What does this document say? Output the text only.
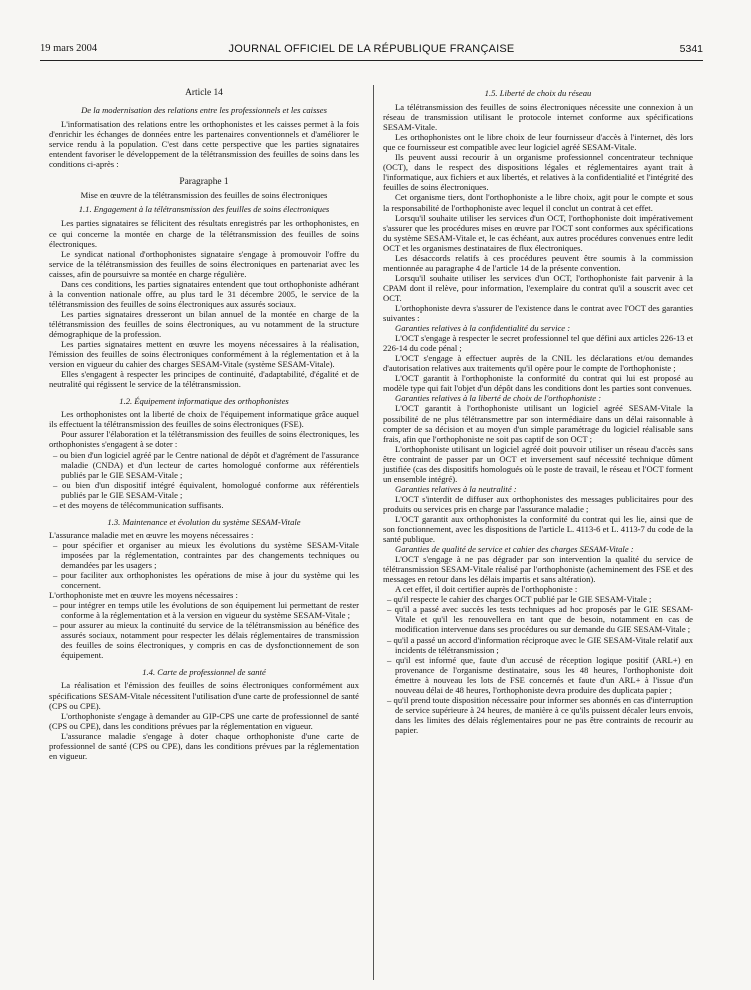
19 mars 2004	JOURNAL OFFICIEL DE LA RÉPUBLIQUE FRANÇAISE	5341

Article 14

De la modernisation des relations entre les professionnels et les caisses

L'informatisation des relations entre les orthophonistes et les caisses permet à la fois d'enrichir les échanges de données entre les partenaires conventionnels et d'améliorer le service rendu à la population. C'est dans cette perspective que les parties signataires entendent favoriser le développement de la télétransmission des feuilles de soins dans les conditions ci-après :

Paragraphe 1

Mise en œuvre de la télétransmission des feuilles de soins électroniques

1.1. Engagement à la télétransmission des feuilles de soins électroniques

Les parties signataires se félicitent des résultats enregistrés par les orthophonistes, en ce qui concerne la montée en charge de la télétransmission des feuilles de soins électroniques.

Le syndicat national d'orthophonistes signataire s'engage à promouvoir l'offre du service de la télétransmission des feuilles de soins électroniques en partenariat avec les caisses, afin de poursuivre sa montée en charge régulière.

Dans ces conditions, les parties signataires entendent que tout orthophoniste adhérant à la convention nationale offre, au plus tard le 31 décembre 2005, le service de la télétransmission des feuilles de soins électroniques aux assurés sociaux.

Les parties signataires dresseront un bilan annuel de la montée en charge de la télétransmission des feuilles de soins électroniques, au vu notamment de la structure démographique de la profession.

Les parties signataires mettent en œuvre les moyens nécessaires à la réalisation, l'émission des feuilles de soins électroniques conformément à la réglementation et à la version en vigueur du cahier des charges SESAM-Vitale (système SESAM-Vitale).

Elles s'engagent à respecter les principes de continuité, d'adaptabilité, d'égalité et de neutralité qui régissent le service de la télétransmission.

1.2. Équipement informatique des orthophonistes

Les orthophonistes ont la liberté de choix de l'équipement informatique grâce auquel ils effectuent la télétransmission des feuilles de soins électroniques (FSE).

Pour assurer l'élaboration et la télétransmission des feuilles de soins électroniques, les orthophonistes s'engagent à se doter :

– ou bien d'un logiciel agréé par le Centre national de dépôt et d'agrément de l'assurance maladie (CNDA) et d'un lecteur de cartes homologué conforme aux référentiels publiés par le GIE SESAM-Vitale ;
– ou bien d'un dispositif intégré équivalent, homologué conforme aux référentiels publiés par le GIE SESAM-Vitale ;
– et des moyens de télécommunication suffisants.

1.3. Maintenance et évolution du système SESAM-Vitale

L'assurance maladie met en œuvre les moyens nécessaires :

– pour spécifier et organiser au mieux les évolutions du système SESAM-Vitale imposées par la réglementation, contraintes par des changements techniques ou demandées par les usagers ;
– pour faciliter aux orthophonistes les opérations de mise à jour du système qui les concernent.

L'orthophoniste met en œuvre les moyens nécessaires :

– pour intégrer en temps utile les évolutions de son équipement lui permettant de rester conforme à la réglementation et à la version en vigueur du système SESAM-Vitale ;
– pour assurer au mieux la continuité du service de la télétransmission au bénéfice des assurés sociaux, notamment pour respecter les délais réglementaires de transmission des feuilles de soins électroniques, y compris en cas de dysfonctionnement de son équipement.

1.4. Carte de professionnel de santé

La réalisation et l'émission des feuilles de soins électroniques conformément aux spécifications SESAM-Vitale nécessitent l'utilisation d'une carte de professionnel de santé (CPS ou CPE).

L'orthophoniste s'engage à demander au GIP-CPS une carte de professionnel de santé (CPS ou CPE), dans les conditions prévues par la réglementation en vigueur.

L'assurance maladie s'engage à doter chaque orthophoniste d'une carte de professionnel de santé (CPS ou CPE), dans les conditions prévues par la réglementation en vigueur.

1.5. Liberté de choix du réseau

La télétransmission des feuilles de soins électroniques nécessite une connexion à un réseau de transmission utilisant le protocole internet conforme aux spécifications SESAM-Vitale.

Les orthophonistes ont le libre choix de leur fournisseur d'accès à l'internet, dès lors que ce fournisseur est compatible avec leur logiciel agréé SESAM-Vitale.

Ils peuvent aussi recourir à un organisme professionnel concentrateur technique (OCT), dans le respect des dispositions légales et réglementaires ayant trait à l'informatique, aux fichiers et aux libertés, et relatives à la confidentialité et l'intégrité des feuilles de soins électroniques.

Cet organisme tiers, dont l'orthophoniste a le libre choix, agit pour le compte et sous la responsabilité de l'orthophoniste avec lequel il conclut un contrat à cet effet.

Lorsqu'il souhaite utiliser les services d'un OCT, l'orthophoniste doit impérativement s'assurer que les procédures mises en œuvre par l'OCT sont conformes aux spécifications du système SESAM-Vitale et, le cas échéant, aux autres procédures convenues entre ledit OCT et les organismes destinataires de flux électroniques.

Les désaccords relatifs à ces procédures peuvent être soumis à la commission mentionnée au paragraphe 4 de l'article 14 de la présente convention.

Lorsqu'il souhaite utiliser les services d'un OCT, l'orthophoniste fait parvenir à la CPAM dont il relève, pour information, l'exemplaire du contrat qu'il a souscrit avec cet OCT.

L'orthophoniste devra s'assurer de l'existence dans le contrat avec l'OCT des garanties suivantes :

Garanties relatives à la confidentialité du service :

L'OCT s'engage à respecter le secret professionnel tel que défini aux articles 226-13 et 226-14 du code pénal ;

L'OCT s'engage à effectuer auprès de la CNIL les déclarations et/ou demandes d'autorisation relatives aux traitements qu'il opère pour le compte de l'orthophoniste ;

L'OCT garantit à l'orthophoniste la conformité du contrat qui lui est proposé au modèle type qui fait l'objet d'un dépôt dans les conditions dont les parties sont convenues.

Garanties relatives à la liberté de choix de l'orthophoniste :

L'OCT garantit à l'orthophoniste utilisant un logiciel agréé SESAM-Vitale la possibilité de ne plus télétransmettre par son intermédiaire dans un délai raisonnable à compter de sa décision et au moyen d'un simple paramétrage du logiciel réalisable sans frais, afin que l'orthophoniste ne soit pas captif de son OCT ;

L'orthophoniste utilisant un logiciel agréé doit pouvoir utiliser un réseau d'accès sans être contraint de passer par un OCT et inversement sauf nécessité technique dûment justifiée (cas des dispositifs homologués où le poste de travail, le réseau et l'OCT forment un ensemble intégré).

Garanties relatives à la neutralité :

L'OCT s'interdit de diffuser aux orthophonistes des messages publicitaires pour des produits ou services pris en charge par l'assurance maladie ;

L'OCT garantit aux orthophonistes la conformité du contrat qui les lie, ainsi que de son fonctionnement, avec les dispositions de l'article L. 4113-6 et L. 4113-7 du code de la santé publique.

Garanties de qualité de service et cahier des charges SESAM-Vitale :

L'OCT s'engage à ne pas dégrader par son intervention la qualité du service de télétransmission SESAM-Vitale réalisé par l'orthophoniste (acheminement des FSE et des messages en retour dans les délais impartis et sans altération).

A cet effet, il doit certifier auprès de l'orthophoniste :

– qu'il respecte le cahier des charges OCT publié par le GIE SESAM-Vitale ;
– qu'il a passé avec succès les tests techniques ad hoc proposés par le GIE SESAM-Vitale et qu'il les renouvellera en tant que de besoin, notamment en cas de modification intervenue dans ses procédures ou sur demande du GIE SESAM-Vitale ;
– qu'il a passé un accord d'information réciproque avec le GIE SESAM-Vitale relatif aux incidents de télétransmission ;
– qu'il est informé que, faute d'un accusé de réception logique positif (ARL+) en provenance de l'organisme destinataire, sous les 48 heures, l'orthophoniste doit émettre à nouveau les lots de FSE concernés et faute d'un ARL+ à l'issue d'un nouveau délai de 48 heures, l'orthophoniste devra produire des duplicata papier ;
– qu'il prend toute disposition nécessaire pour informer ses abonnés en cas d'interruption de service supérieure à 24 heures, de manière à ce qu'ils puissent décaler leurs envois, dans les limites des délais réglementaires pour ne pas être contraints de recourir au papier.
